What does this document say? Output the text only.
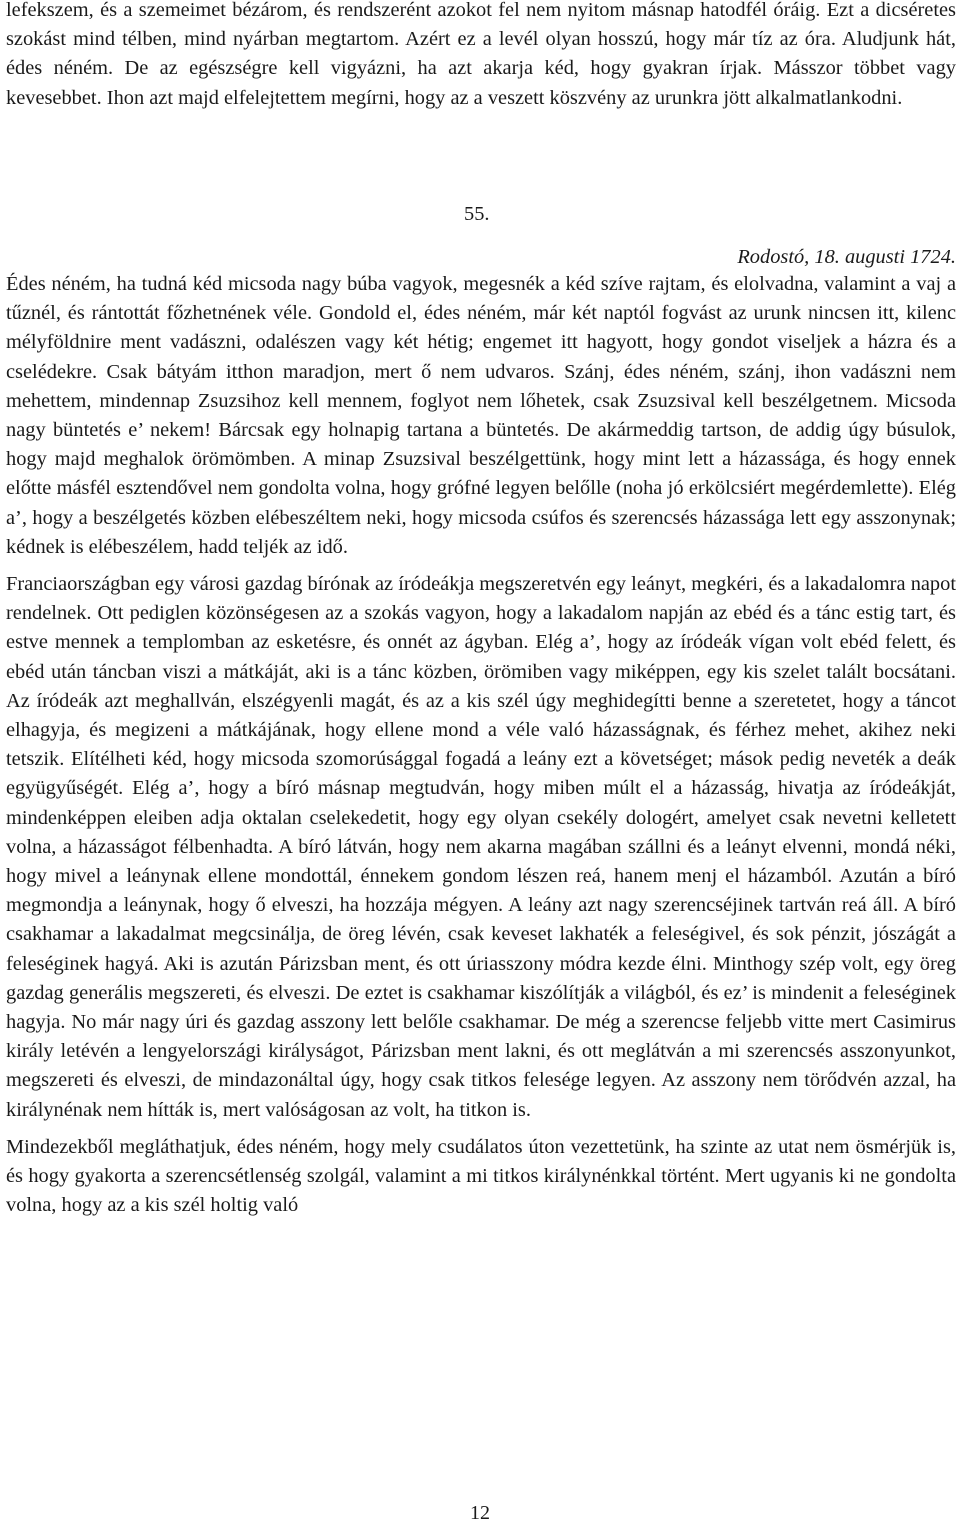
lefekszem, és a szemeimet bézárom, és rendszerént azokot fel nem nyitom másnap hatodfél óráig. Ezt a dicséretes szokást mind télben, mind nyárban megtartom. Azért ez a levél olyan hosszú, hogy már tíz az óra. Aludjunk hát, édes néném. De az egészségre kell vigyázni, ha azt akarja kéd, hogy gyakran írjak. Másszor többet vagy kevesebbet. Ihon azt majd elfelejtettem megírni, hogy az a veszett köszvény az urunkra jött alkalmatlankodni.

55.

Rodostó, 18. augusti 1724.

Édes néném, ha tudná kéd micsoda nagy búba vagyok, megesnék a kéd szíve rajtam, és elolvadna, valamint a vaj a tűznél, és rántottát főzhetnének véle. Gondold el, édes néném, már két naptól fogvást az urunk nincsen itt, kilenc mélyföldnire ment vadászni, odalészen vagy két hétig; engemet itt hagyott, hogy gondot viseljek a házra és a cselédekre. Csak bátyám itthon maradjon, mert ő nem udvaros. Szánj, édes néném, szánj, ihon vadászni nem mehettem, mindennap Zsuzsihoz kell mennem, foglyot nem lőhetek, csak Zsuzsival kell beszélgetnem. Micsoda nagy büntetés e’ nekem! Bárcsak egy holnapig tartana a büntetés. De akármeddig tartson, de addig úgy búsulok, hogy majd meghalok örömömben. A minap Zsuzsival beszélgettünk, hogy mint lett a házassága, és hogy ennek előtte másfél esztendővel nem gondolta volna, hogy grófné legyen belőlle (noha jó erkölcsiért megérdemlette). Elég a’, hogy a beszélgetés közben elébeszéltem neki, hogy micsoda csúfos és szerencsés házassága lett egy asszonynak; kédnek is elébeszélem, hadd teljék az idő.

Franciaországban egy városi gazdag bírónak az íródeákja megszeretvén egy leányt, megkéri, és a lakadalomra napot rendelnek. Ott pediglen közönségesen az a szokás vagyon, hogy a lakadalom napján az ebéd és a tánc estig tart, és estve mennek a templomban az esketésre, és onnét az ágyban. Elég a’, hogy az íródeák vígan volt ebéd felett, és ebéd után táncban viszi a mátkáját, aki is a tánc közben, örömiben vagy miképpen, egy kis szelet talált bocsátani. Az íródeák azt meghallván, elszégyenli magát, és az a kis szél úgy meghidegítti benne a szeretetet, hogy a táncot elhagyja, és megizeni a mátkájának, hogy ellene mond a véle való házasságnak, és férhez mehet, akihez neki tetszik. Elítélheti kéd, hogy micsoda szomorúsággal fogadá a leány ezt a követséget; mások pedig neveték a deák együgyűségét. Elég a’, hogy a bíró másnap megtudván, hogy miben múlt el a házasság, hivatja az íródeákját, mindenképpen eleiben adja oktalan cselekedetit, hogy egy olyan csekély dologért, amelyet csak nevetni kelletett volna, a házasságot félbenhadta. A bíró látván, hogy nem akarna magában szállni és a leányt elvenni, mondá néki, hogy mivel a leánynak ellene mondottál, énnekem gondom lészen reá, hanem menj el házamból. Azután a bíró megmondja a leánynak, hogy ő elveszi, ha hozzája mégyen. A leány azt nagy szerencséjinek tartván reá áll. A bíró csakhamar a lakadalmat megcsinálja, de öreg lévén, csak keveset lakhaték a feleségivel, és sok pénzit, jószágát a feleséginek hagyá. Aki is azután Párizsban ment, és ott úriasszony módra kezde élni. Minthogy szép volt, egy öreg gazdag generális megszereti, és elveszi. De eztet is csakhamar kiszólítják a világból, és ez’ is mindenit a feleséginek hagyja. No már nagy úri és gazdag asszony lett belőle csakhamar. De még a szerencse feljebb vitte mert Casimirus király letévén a lengyelországi királyságot, Párizsban ment lakni, és ott meglátván a mi szerencsés asszonyunkot, megszereti és elveszi, de mindazonáltal úgy, hogy csak titkos felesége legyen. Az asszony nem törődvén azzal, ha királynénak nem hítták is, mert valóságosan az volt, ha titkon is.

Mindezekből megláthatjuk, édes néném, hogy mely csudálatos úton vezettetünk, ha szinte az utat nem ösmérjük is, és hogy gyakorta a szerencsétlenség szolgál, valamint a mi titkos királynénkkal történt. Mert ugyanis ki ne gondolta volna, hogy az a kis szél holtig való

12
